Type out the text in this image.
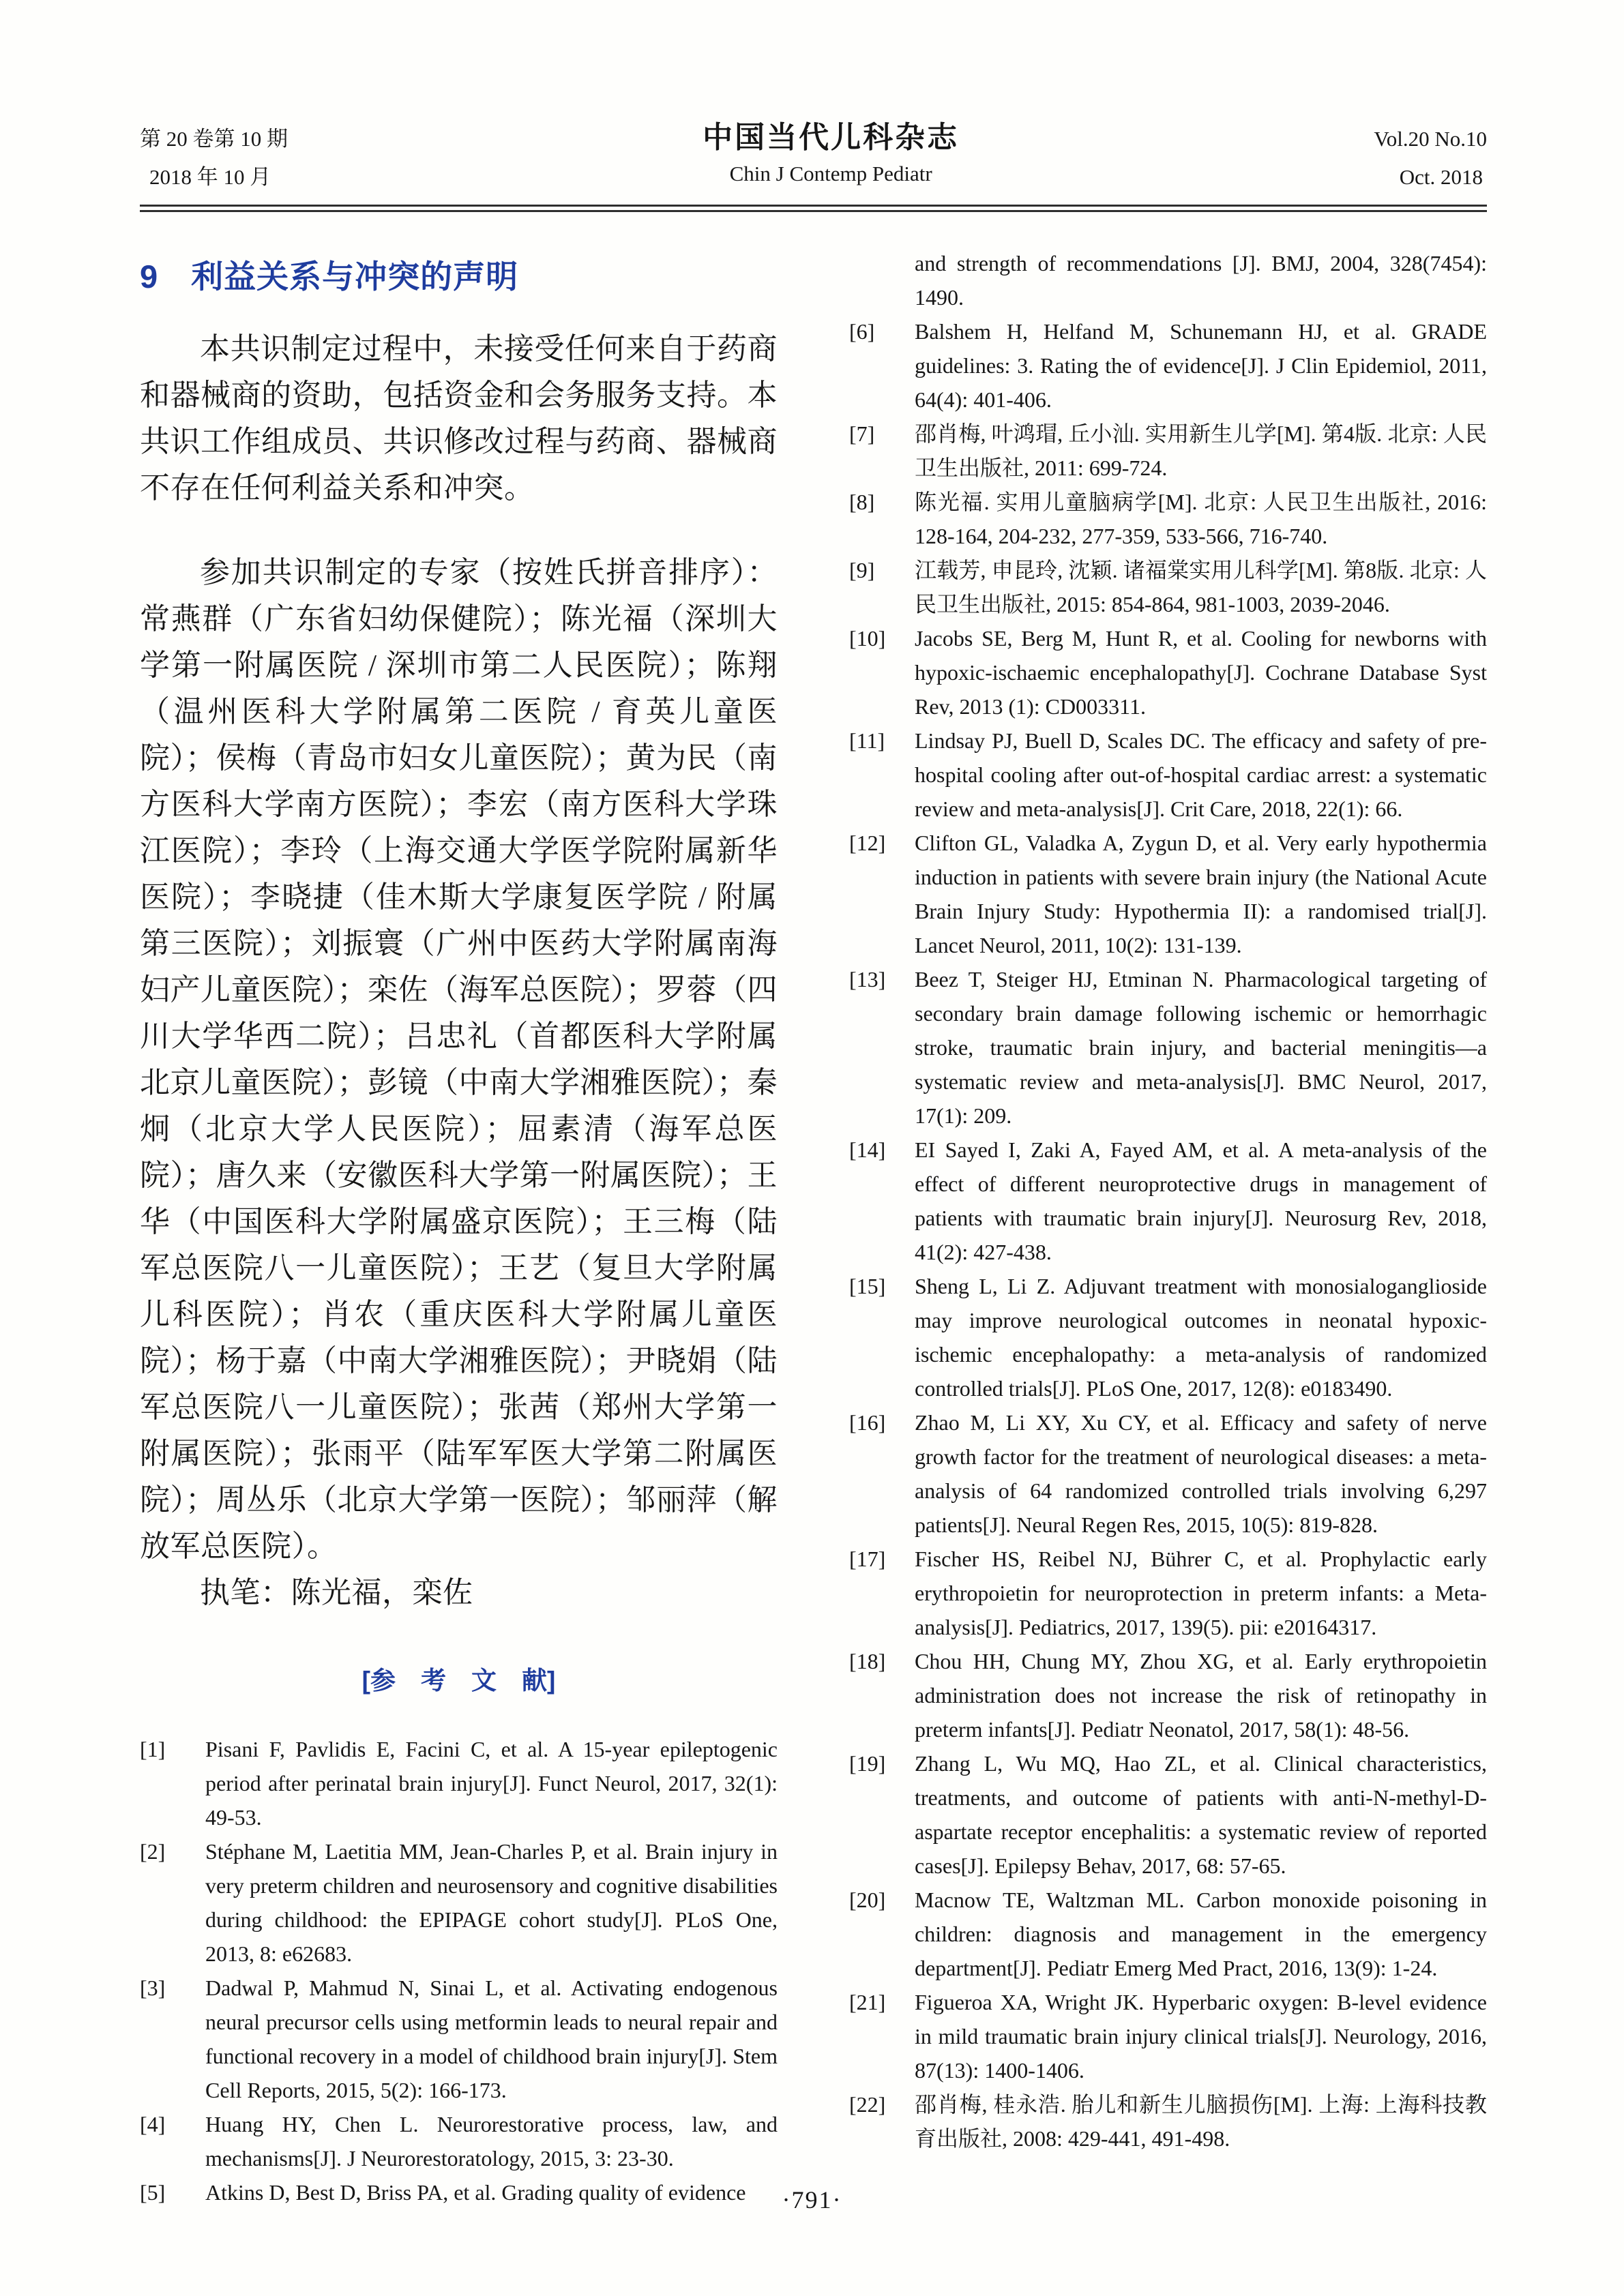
第 20 卷第 10 期
2018 年 10 月
中国当代儿科杂志
Chin J Contemp Pediatr
Vol.20 No.10
Oct. 2018
9　利益关系与冲突的声明

本共识制定过程中，未接受任何来自于药商和器械商的资助，包括资金和会务服务支持。本共识工作组成员、共识修改过程与药商、器械商不存在任何利益关系和冲突。

参加共识制定的专家（按姓氏拼音排序）：常燕群（广东省妇幼保健院）；陈光福（深圳大学第一附属医院 / 深圳市第二人民医院）；陈翔（温州医科大学附属第二医院 / 育英儿童医院）；侯梅（青岛市妇女儿童医院）；黄为民（南方医科大学南方医院）；李宏（南方医科大学珠江医院）；李玲（上海交通大学医学院附属新华医院）；李晓捷（佳木斯大学康复医学院 / 附属第三医院）；刘振寰（广州中医药大学附属南海妇产儿童医院）；栾佐（海军总医院）；罗蓉（四川大学华西二院）；吕忠礼（首都医科大学附属北京儿童医院）；彭镜（中南大学湘雅医院）；秦炯（北京大学人民医院）；屈素清（海军总医院）；唐久来（安徽医科大学第一附属医院）；王华（中国医科大学附属盛京医院）；王三梅（陆军总医院八一儿童医院）；王艺（复旦大学附属儿科医院）；肖农（重庆医科大学附属儿童医院）；杨于嘉（中南大学湘雅医院）；尹晓娟（陆军总医院八一儿童医院）；张茜（郑州大学第一附属医院）；张雨平（陆军军医大学第二附属医院）；周丛乐（北京大学第一医院）；邹丽萍（解放军总医院）。

执笔：陈光福，栾佐

[参　考　文　献]
[1] Pisani F, Pavlidis E, Facini C, et al. A 15-year epileptogenic period after perinatal brain injury[J]. Funct Neurol, 2017, 32(1): 49-53.
[2] Stéphane M, Laetitia MM, Jean-Charles P, et al. Brain injury in very preterm children and neurosensory and cognitive disabilities during childhood: the EPIPAGE cohort study[J]. PLoS One, 2013, 8: e62683.
[3] Dadwal P, Mahmud N, Sinai L, et al. Activating endogenous neural precursor cells using metformin leads to neural repair and functional recovery in a model of childhood brain injury[J]. Stem Cell Reports, 2015, 5(2): 166-173.
[4] Huang HY, Chen L. Neurorestorative process, law, and mechanisms[J]. J Neurorestoratology, 2015, 3: 23-30.
[5] Atkins D, Best D, Briss PA, et al. Grading quality of evidence
and strength of recommendations [J]. BMJ, 2004, 328(7454): 1490.
[6] Balshem H, Helfand M, Schunemann HJ, et al. GRADE guidelines: 3. Rating the of evidence[J]. J Clin Epidemiol, 2011, 64(4): 401-406.
[7] 邵肖梅, 叶鸿瑁, 丘小汕. 实用新生儿学[M]. 第4版. 北京: 人民卫生出版社, 2011: 699-724.
[8] 陈光福. 实用儿童脑病学[M]. 北京: 人民卫生出版社, 2016: 128-164, 204-232, 277-359, 533-566, 716-740.
[9] 江载芳, 申昆玲, 沈颖. 诸福棠实用儿科学[M]. 第8版. 北京: 人民卫生出版社, 2015: 854-864, 981-1003, 2039-2046.
[10] Jacobs SE, Berg M, Hunt R, et al. Cooling for newborns with hypoxic-ischaemic encephalopathy[J]. Cochrane Database Syst Rev, 2013 (1): CD003311.
[11] Lindsay PJ, Buell D, Scales DC. The efficacy and safety of pre-hospital cooling after out-of-hospital cardiac arrest: a systematic review and meta-analysis[J]. Crit Care, 2018, 22(1): 66.
[12] Clifton GL, Valadka A, Zygun D, et al. Very early hypothermia induction in patients with severe brain injury (the National Acute Brain Injury Study: Hypothermia II): a randomised trial[J]. Lancet Neurol, 2011, 10(2): 131-139.
[13] Beez T, Steiger HJ, Etminan N. Pharmacological targeting of secondary brain damage following ischemic or hemorrhagic stroke, traumatic brain injury, and bacterial meningitis—a systematic review and meta-analysis[J]. BMC Neurol, 2017, 17(1): 209.
[14] EI Sayed I, Zaki A, Fayed AM, et al. A meta-analysis of the effect of different neuroprotective drugs in management of patients with traumatic brain injury[J]. Neurosurg Rev, 2018, 41(2): 427-438.
[15] Sheng L, Li Z. Adjuvant treatment with monosialoganglioside may improve neurological outcomes in neonatal hypoxic-ischemic encephalopathy: a meta-analysis of randomized controlled trials[J]. PLoS One, 2017, 12(8): e0183490.
[16] Zhao M, Li XY, Xu CY, et al. Efficacy and safety of nerve growth factor for the treatment of neurological diseases: a meta-analysis of 64 randomized controlled trials involving 6,297 patients[J]. Neural Regen Res, 2015, 10(5): 819-828.
[17] Fischer HS, Reibel NJ, Bührer C, et al. Prophylactic early erythropoietin for neuroprotection in preterm infants: a Meta-analysis[J]. Pediatrics, 2017, 139(5). pii: e20164317.
[18] Chou HH, Chung MY, Zhou XG, et al. Early erythropoietin administration does not increase the risk of retinopathy in preterm infants[J]. Pediatr Neonatol, 2017, 58(1): 48-56.
[19] Zhang L, Wu MQ, Hao ZL, et al. Clinical characteristics, treatments, and outcome of patients with anti-N-methyl-D-aspartate receptor encephalitis: a systematic review of reported cases[J]. Epilepsy Behav, 2017, 68: 57-65.
[20] Macnow TE, Waltzman ML. Carbon monoxide poisoning in children: diagnosis and management in the emergency department[J]. Pediatr Emerg Med Pract, 2016, 13(9): 1-24.
[21] Figueroa XA, Wright JK. Hyperbaric oxygen: B-level evidence in mild traumatic brain injury clinical trials[J]. Neurology, 2016, 87(13): 1400-1406.
[22] 邵肖梅, 桂永浩. 胎儿和新生儿脑损伤[M]. 上海: 上海科技教育出版社, 2008: 429-441, 491-498.
·791·
